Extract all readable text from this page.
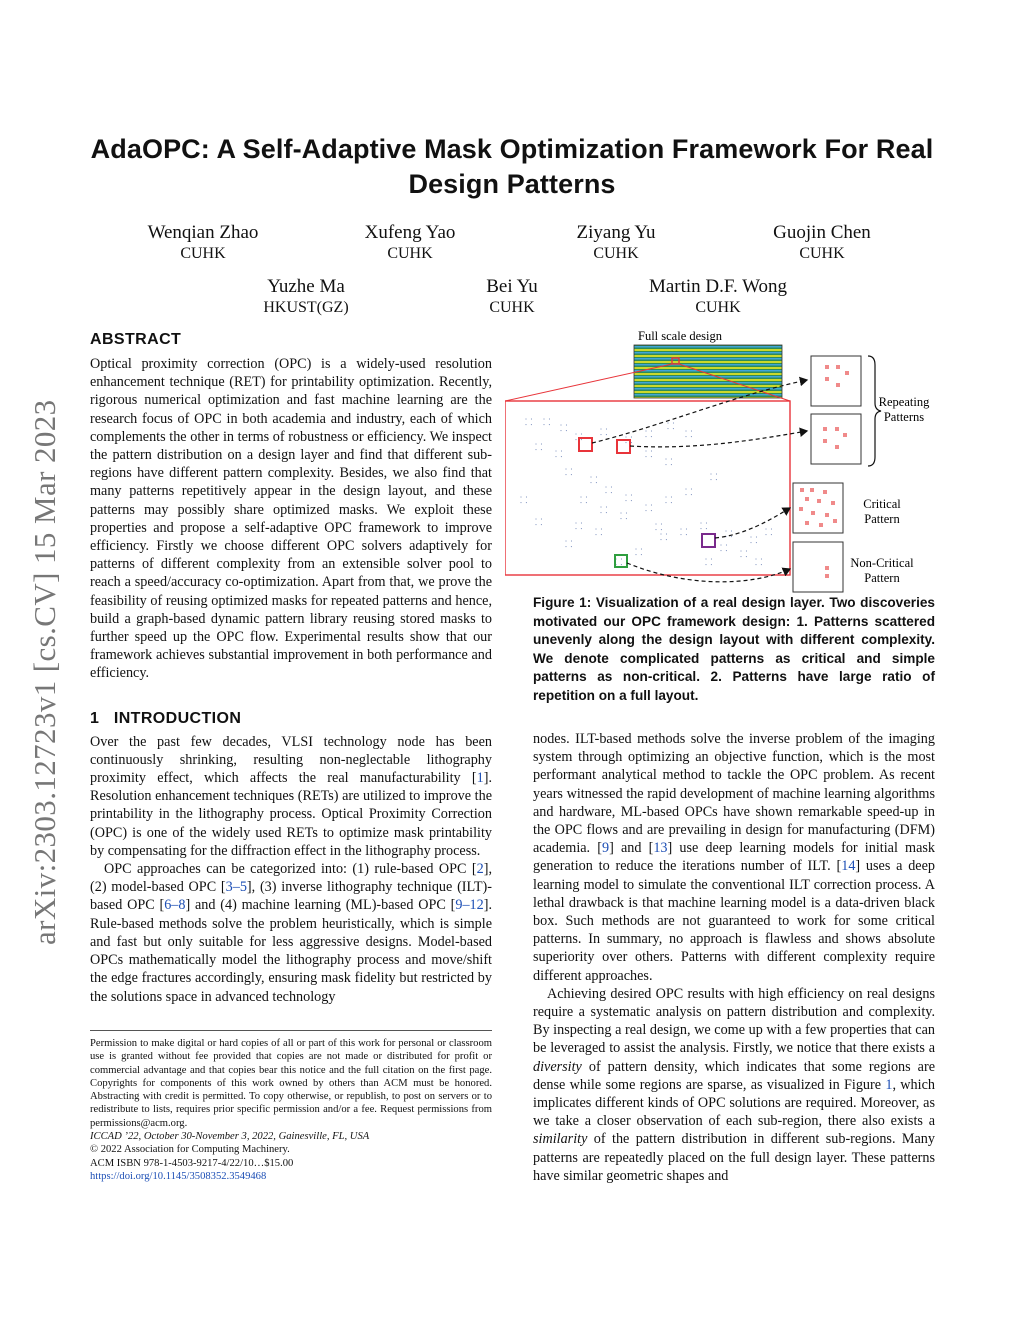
AdaOPC: A Self-Adaptive Mask Optimization Framework For Real Design Patterns
Wenqian Zhao
CUHK
Xufeng Yao
CUHK
Ziyang Yu
CUHK
Guojin Chen
CUHK
Yuzhe Ma
HKUST(GZ)
Bei Yu
CUHK
Martin D.F. Wong
CUHK
arXiv:2303.12723v1 [cs.CV] 15 Mar 2023
ABSTRACT

Optical proximity correction (OPC) is a widely-used resolution enhancement technique (RET) for printability optimization. Recently, rigorous numerical optimization and fast machine learning are the research focus of OPC in both academia and industry, each of which complements the other in terms of robustness or efficiency. We inspect the pattern distribution on a design layer and find that different sub-regions have different pattern complexity. Besides, we also find that many patterns repetitively appear in the design layout, and these patterns may possibly share optimized masks. We exploit these properties and propose a self-adaptive OPC framework to improve efficiency. Firstly we choose different OPC solvers adaptively for patterns of different complexity from an extensible solver pool to reach a speed/accuracy co-optimization. Apart from that, we prove the feasibility of reusing optimized masks for repeated patterns and hence, build a graph-based dynamic pattern library reusing stored masks to further speed up the OPC flow. Experimental results show that our framework achieves substantial improvement in both performance and efficiency.

1 INTRODUCTION

Over the past few decades, VLSI technology node has been continuously shrinking, resulting non-neglectable lithography proximity effect, which affects the real manufacturability [1]. Resolution enhancement techniques (RETs) are utilized to improve the printability in the lithography process. Optical Proximity Correction (OPC) is one of the widely used RETs to optimize mask printability by compensating for the diffraction effect in the lithography process.

OPC approaches can be categorized into: (1) rule-based OPC [2], (2) model-based OPC [3–5], (3) inverse lithography technique (ILT)-based OPC [6–8] and (4) machine learning (ML)-based OPC [9–12]. Rule-based methods solve the problem heuristically, which is simple and fast but only suitable for less aggressive designs. Model-based OPCs mathematically model the lithography process and move/shift the edge fractures accordingly, ensuring mask fidelity but restricted by the solutions space in advanced technology

Permission to make digital or hard copies of all or part of this work for personal or classroom use is granted without fee provided that copies are not made or distributed for profit or commercial advantage and that copies bear this notice and the full citation on the first page. Copyrights for components of this work owned by others than ACM must be honored. Abstracting with credit is permitted. To copy otherwise, or republish, to post on servers or to redistribute to lists, requires prior specific permission and/or a fee. Request permissions from permissions@acm.org.

ICCAD ’22, October 30-November 3, 2022, Gainesville, FL, USA

© 2022 Association for Computing Machinery.

ACM ISBN 978-1-4503-9217-4/22/10…$15.00

https://doi.org/10.1145/3508352.3549468

Full scale design
⸬ ⸬
⸬
⸬ ⸬
⸬
⸬
⸬
⸬
⸬
⸬	⸬
⸬
⸬
⸬
⸬
⸬
⸬
⸬
⸬
⸬
⸬
⸬
⸬
⸬
⸬
⸬
⸬ ⸬
⸬
⸬
⸬
⸬
⸬
⸬
⸬
⸬
⸬
⸬
⸬
⸬
⸬
Repeating
Patterns
Critical
Pattern
Non-Critical
Pattern
Figure 1: Visualization of a real design layer. Two discoveries motivated our OPC framework design: 1. Patterns scattered unevenly along the design layout with different complexity. We denote complicated patterns as critical and simple patterns as non-critical. 2. Patterns have large ratio of repetition on a full layout.

nodes. ILT-based methods solve the inverse problem of the imaging system through optimizing an objective function, which is the most performant analytical method to tackle the OPC problem. As recent years witnessed the rapid development of machine learning algorithms and hardware, ML-based OPCs have shown remarkable speed-up in the OPC flows and are prevailing in design for manufacturing (DFM) academia. [9] and [13] use deep learning models for initial mask generation to reduce the iterations number of ILT. [14] uses a deep learning model to simulate the conventional ILT correction process. A lethal drawback is that machine learning model is a data-driven black box. Such methods are not guaranteed to work for some critical patterns. In summary, no approach is flawless and shows absolute superiority over others. Patterns with different complexity require different approaches.

Achieving desired OPC results with high efficiency on real designs require a systematic analysis on pattern distribution and complexity. By inspecting a real design, we come up with a few properties that can be leveraged to assist the analysis. Firstly, we notice that there exists a diversity of pattern density, which indicates that some regions are dense while some regions are sparse, as visualized in Figure 1, which implicates different kinds of OPC solutions are required. Moreover, as we take a closer observation of each sub-region, there also exists a similarity of the pattern distribution in different sub-regions. Many patterns are repeatedly placed on the full design layer. These patterns have similar geometric shapes and
